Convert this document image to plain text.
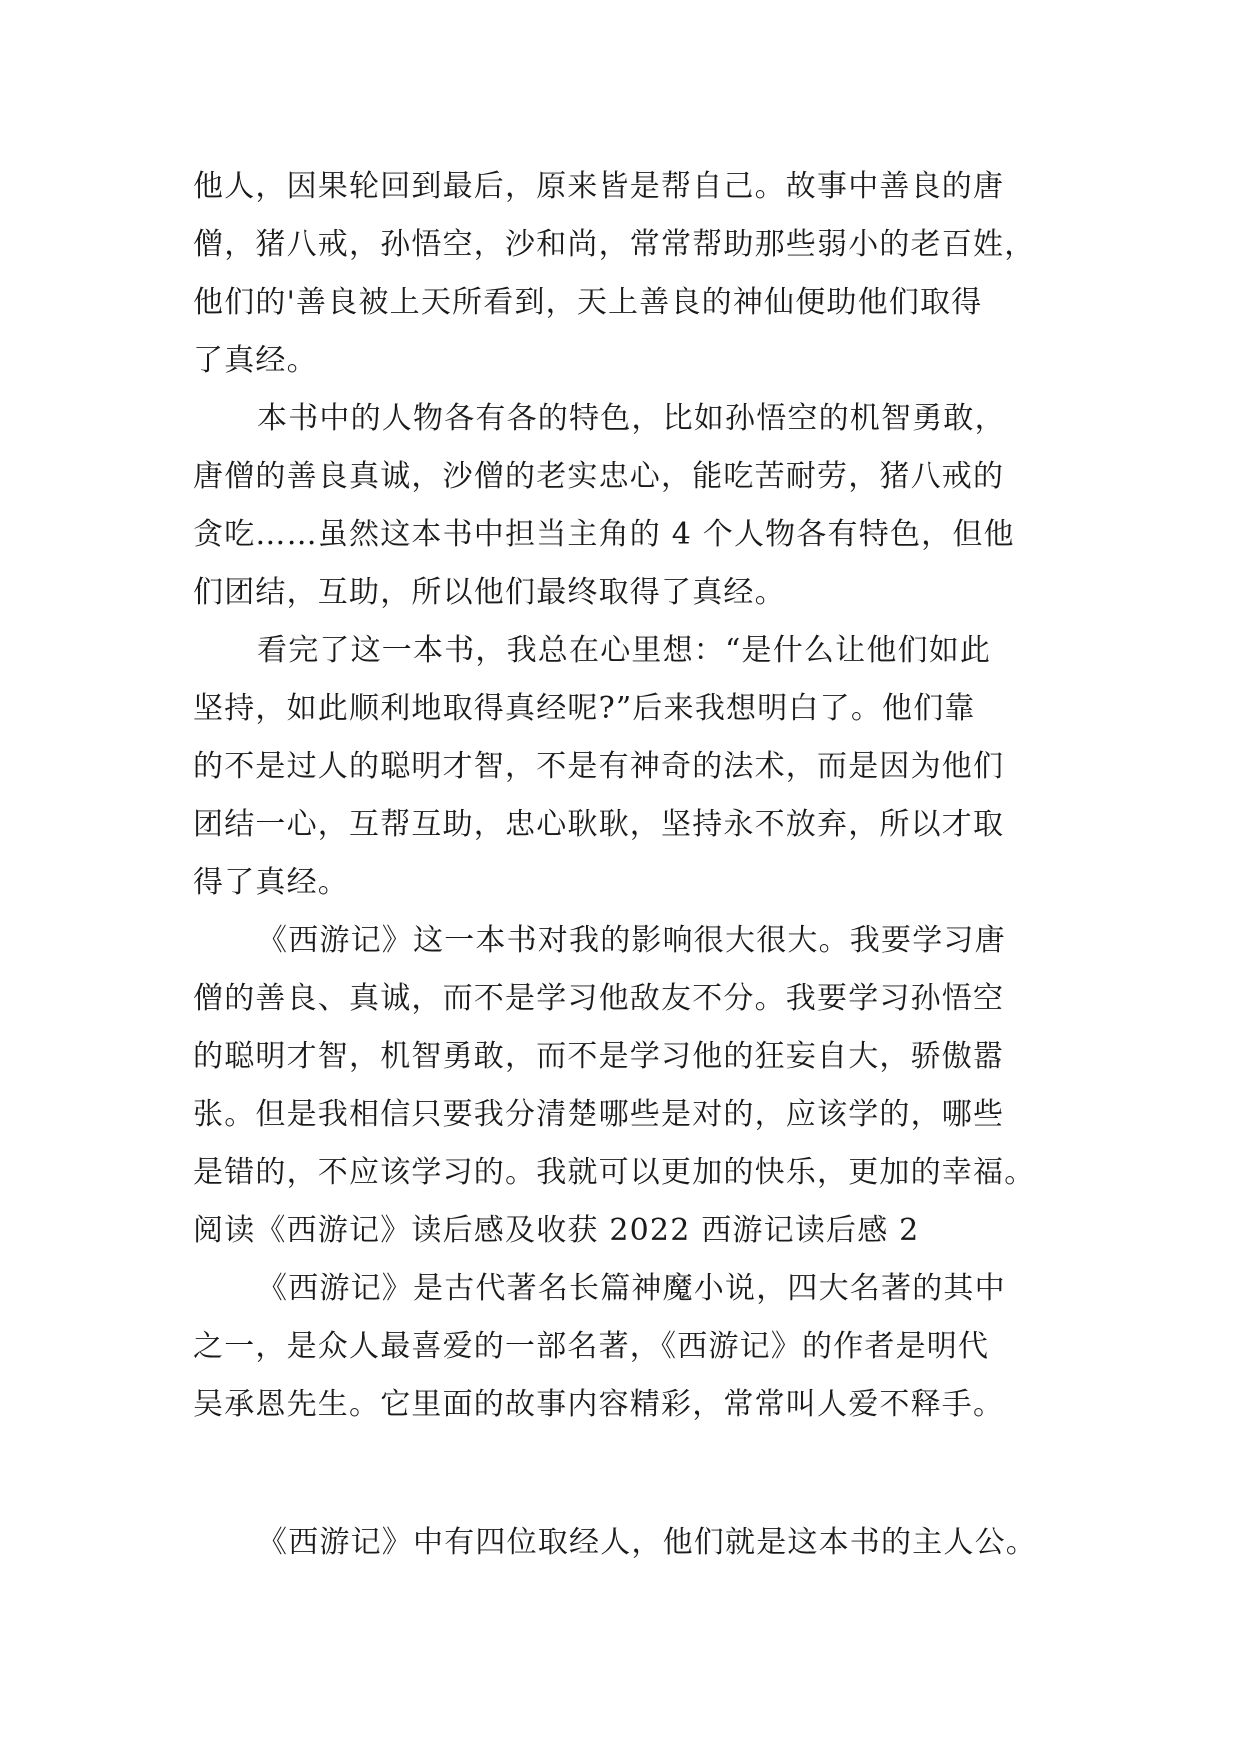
他人，因果轮回到最后，原来皆是帮自己。故事中善良的唐
僧，猪八戒，孙悟空，沙和尚，常常帮助那些弱小的老百姓，
他们的'善良被上天所看到，天上善良的神仙便助他们取得
了真经。
本书中的人物各有各的特色，比如孙悟空的机智勇敢，
唐僧的善良真诚，沙僧的老实忠心，能吃苦耐劳，猪八戒的
贪吃……虽然这本书中担当主角的 4 个人物各有特色，但他
们团结，互助，所以他们最终取得了真经。
看完了这一本书，我总在心里想：“是什么让他们如此
坚持，如此顺利地取得真经呢?”后来我想明白了。他们靠
的不是过人的聪明才智，不是有神奇的法术，而是因为他们
团结一心，互帮互助，忠心耿耿，坚持永不放弃，所以才取
得了真经。
《西游记》这一本书对我的影响很大很大。我要学习唐
僧的善良、真诚，而不是学习他敌友不分。我要学习孙悟空
的聪明才智，机智勇敢，而不是学习他的狂妄自大，骄傲嚣
张。但是我相信只要我分清楚哪些是对的，应该学的，哪些
是错的，不应该学习的。我就可以更加的快乐，更加的幸福。
阅读《西游记》读后感及收获 2022 西游记读后感 2
《西游记》是古代著名长篇神魔小说，四大名著的其中
之一，是众人最喜爱的一部名著，《西游记》的作者是明代
吴承恩先生。它里面的故事内容精彩，常常叫人爱不释手。
《西游记》中有四位取经人，他们就是这本书的主人公。
